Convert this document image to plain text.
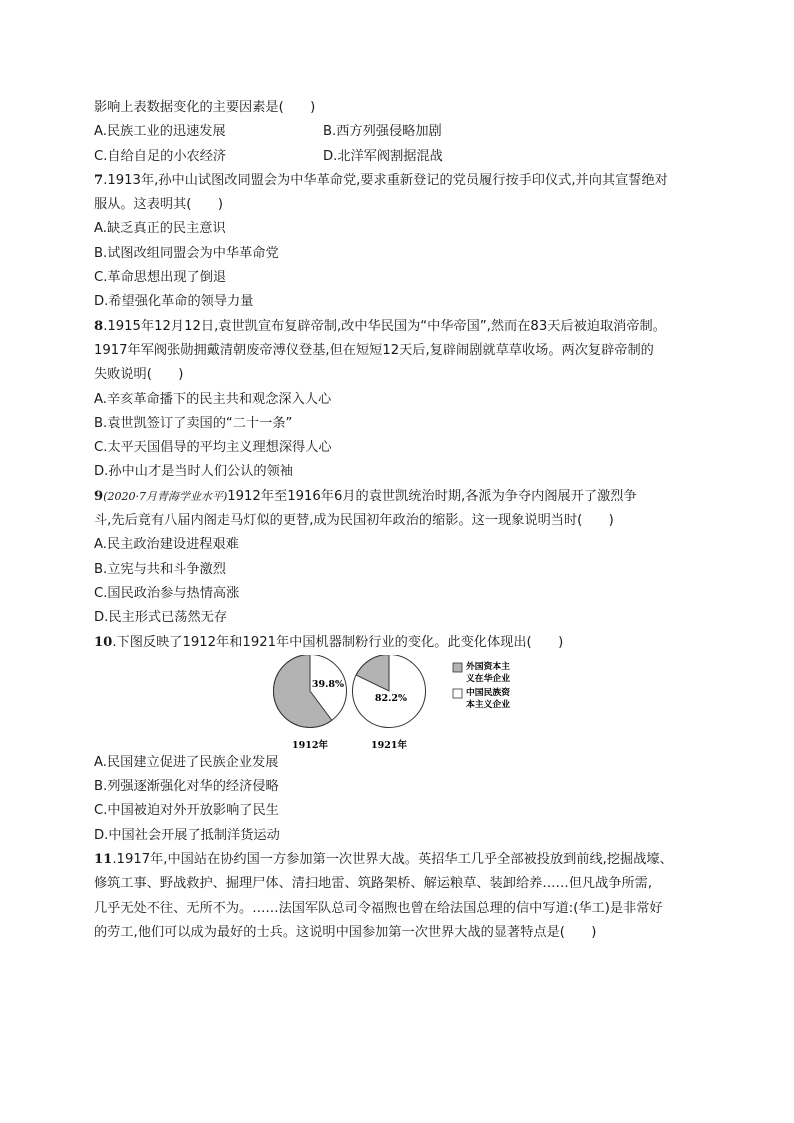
影响上表数据变化的主要因素是(　　)
A.民族工业的迅速发展	B.西方列强侵略加剧
C.自给自足的小农经济	D.北洋军阀割据混战
7.1913年,孙中山试图改同盟会为中华革命党,要求重新登记的党员履行按手印仪式,并向其宣誓绝对
服从。这表明其(　　)
A.缺乏真正的民主意识
B.试图改组同盟会为中华革命党
C.革命思想出现了倒退
D.希望强化革命的领导力量
8.1915年12月12日,袁世凯宣布复辟帝制,改中华民国为“中华帝国”,然而在83天后被迫取消帝制。
1917年军阀张勋拥戴清朝废帝溥仪登基,但在短短12天后,复辟闹剧就草草收场。两次复辟帝制的
失败说明(　　)
A.辛亥革命播下的民主共和观念深入人心
B.袁世凯签订了卖国的“二十一条”
C.太平天国倡导的平均主义理想深得人心
D.孙中山才是当时人们公认的领袖
9(2020·7月青海学业水平)1912年至1916年6月的袁世凯统治时期,各派为争夺内阁展开了激烈争
斗,先后竟有八届内阁走马灯似的更替,成为民国初年政治的缩影。这一现象说明当时(　　)
A.民主政治建设进程艰难
B.立宪与共和斗争激烈
C.国民政治参与热情高涨
D.民主形式已荡然无存
10.下图反映了1912年和1921年中国机器制粉行业的变化。此变化体现出(　　)
39.8%
1912年
82.2%
1921年
外国资本主
义在华企业
中国民族资
本主义企业
A.民国建立促进了民族企业发展
B.列强逐渐强化对华的经济侵略
C.中国被迫对外开放影响了民生
D.中国社会开展了抵制洋货运动
11.1917年,中国站在协约国一方参加第一次世界大战。英招华工几乎全部被投放到前线,挖掘战壕、
修筑工事、野战救护、掘理尸体、清扫地雷、筑路架桥、解运粮草、装卸给养……但凡战争所需,
几乎无处不往、无所不为。……法国军队总司令福煦也曾在给法国总理的信中写道:(华工)是非常好
的劳工,他们可以成为最好的士兵。这说明中国参加第一次世界大战的显著特点是(　　)
